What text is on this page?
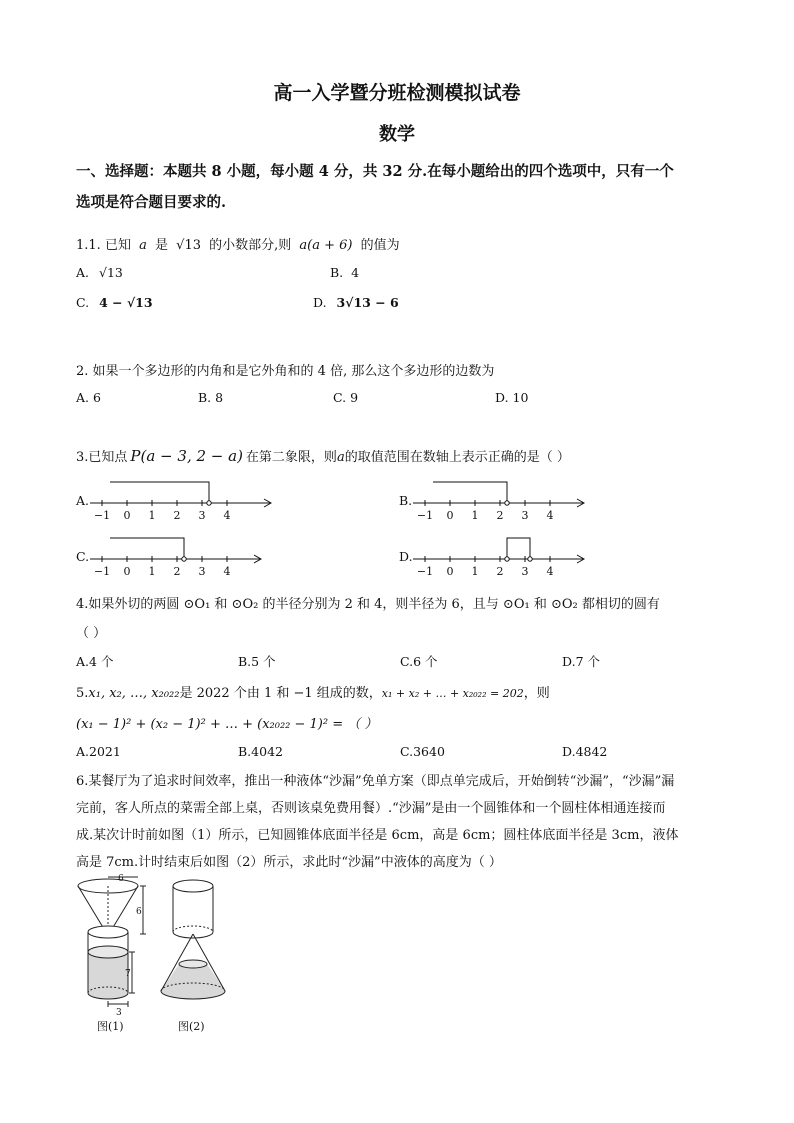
高一入学暨分班检测模拟试卷
数学
一、选择题：本题共 8 小题，每小题 4 分，共 32 分.在每小题给出的四个选项中，只有一个
选项是符合题目要求的.
1.1. 已知 a 是 √13 的小数部分,则 a(a + 6) 的值为
A. √13	B. 4
C. 4 − √13	D. 3√13 − 6
2. 如果一个多边形的内角和是它外角和的 4 倍, 那么这个多边形的边数为
A. 6	B. 8	C. 9	D. 10
3.已知点 P(a − 3, 2 − a) 在第二象限，则a的取值范围在数轴上表示正确的是（ ）
A.
−1 0 1 2 3 4
B.
−1 0 1 2 3 4
C.
−1 0 1 2 3 4
D.
−1 0 1 2 3 4
4.如果外切的两圆 ⊙O₁ 和 ⊙O₂ 的半径分别为 2 和 4，则半径为 6，且与 ⊙O₁ 和 ⊙O₂ 都相切的圆有
（ ）
A.4 个	B.5 个	C.6 个	D.7 个
5.x₁, x₂, …, x₂₀₂₂是 2022 个由 1 和 −1 组成的数，x₁ + x₂ + … + x₂₀₂₂ = 202，则
(x₁ − 1)² + (x₂ − 1)² + … + (x₂₀₂₂ − 1)² = （ ）
A.2021	B.4042	C.3640	D.4842
6.某餐厅为了追求时间效率，推出一种液体“沙漏”免单方案（即点单完成后，开始倒转“沙漏”，“沙漏”漏
完前，客人所点的菜需全部上桌，否则该桌免费用餐）.“沙漏”是由一个圆锥体和一个圆柱体相通连接而
成.某次计时前如图（1）所示，已知圆锥体底面半径是 6cm，高是 6cm；圆柱体底面半径是 3cm，液体
高是 7cm.计时结束后如图（2）所示，求此时“沙漏”中液体的高度为（ ）
6
6
7
3
图(1)	图(2)
